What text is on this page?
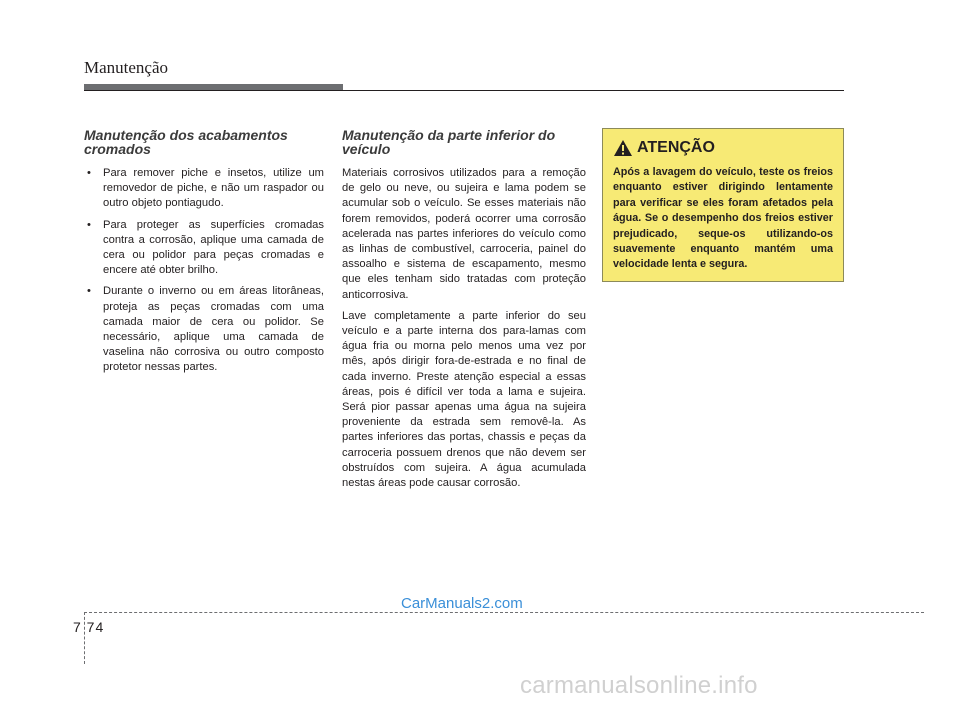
Manutenção
Manutenção dos acabamentos cromados
• Para remover piche e insetos, utilize um removedor de piche, e não um raspador ou outro objeto pontiagudo.
• Para proteger as superfícies cromadas contra a corrosão, aplique uma camada de cera ou polidor para peças cromadas e encere até obter brilho.
• Durante o inverno ou em áreas litorâneas, proteja as peças cromadas com uma camada maior de cera ou polidor. Se necessário, aplique uma camada de vaselina não corrosiva ou outro composto protetor nessas partes.
Manutenção da parte inferior do veículo

Materiais corrosivos utilizados para a remoção de gelo ou neve, ou sujeira e lama podem se acumular sob o veículo. Se esses materiais não forem removidos, poderá ocorrer uma corrosão acelerada nas partes inferiores do veículo como as linhas de combustível, carroceria, painel do assoalho e sistema de escapamento, mesmo que eles tenham sido tratadas com proteção anticorrosiva.

Lave completamente a parte inferior do seu veículo e a parte interna dos para-lamas com água fria ou morna pelo menos uma vez por mês, após dirigir fora-de-estrada e no final de cada inverno. Preste atenção especial a essas áreas, pois é difícil ver toda a lama e sujeira. Será pior passar apenas uma água na sujeira proveniente da estrada sem removê-la. As partes inferiores das portas, chassis e peças da carroceria possuem drenos que não devem ser obstruídos com sujeira. A água acumulada nestas áreas pode causar corrosão.

ATENÇÃO

Após a lavagem do veículo, teste os freios enquanto estiver dirigindo lentamente para verificar se eles foram afetados pela água. Se o desempenho dos freios estiver prejudicado, seque-os utilizando-os suavemente enquanto mantém uma velocidade lenta e segura.

7 74
CarManuals2.com
carmanualsonline.info
